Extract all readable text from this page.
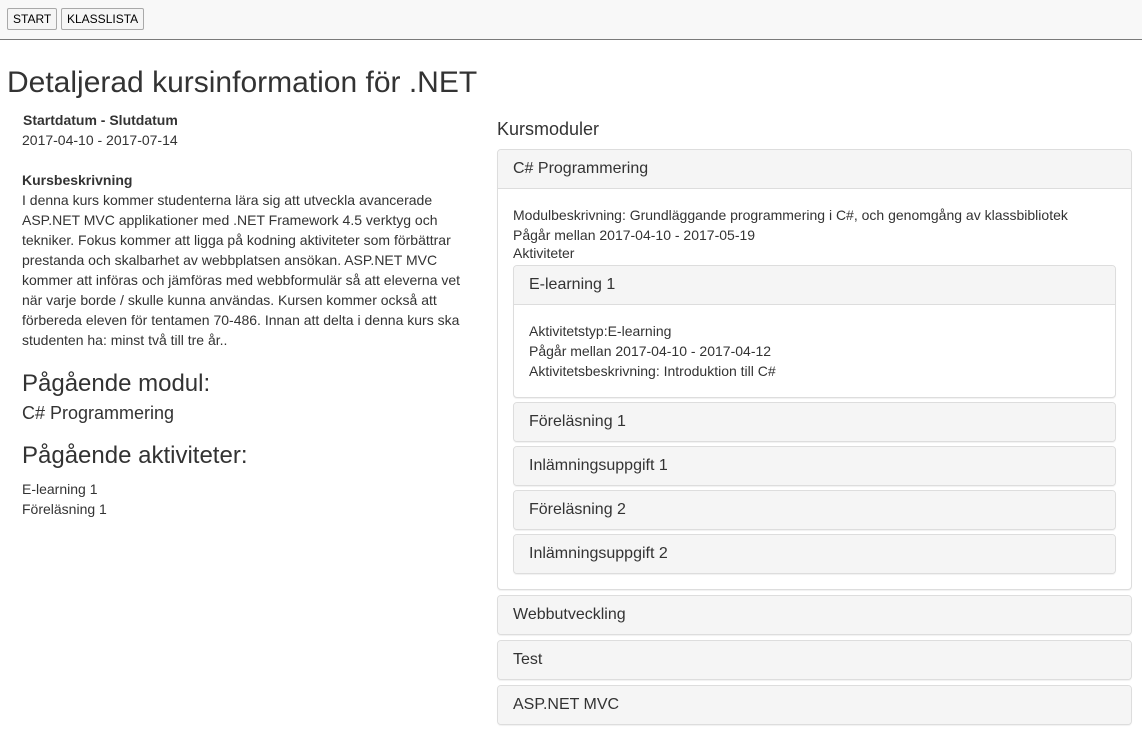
START	KLASSLISTA
Detaljerad kursinformation för .NET
Startdatum - Slutdatum
2017-04-10 - 2017-07-14
Kursbeskrivning
I denna kurs kommer studenterna lära sig att utveckla avancerade ASP.NET MVC applikationer med .NET Framework 4.5 verktyg och tekniker. Fokus kommer att ligga på kodning aktiviteter som förbättrar prestanda och skalbarhet av webbplatsen ansökan. ASP.NET MVC kommer att införas och jämföras med webbformulär så att eleverna vet när varje borde / skulle kunna användas. Kursen kommer också att förbereda eleven för tentamen 70-486. Innan att delta i denna kurs ska studenten ha: minst två till tre år..
Pågående modul:
C# Programmering
Pågående aktiviteter:
E-learning 1
Föreläsning 1
Kursmoduler
C# Programmering
Modulbeskrivning: Grundläggande programmering i C#, och genomgång av klassbibliotek
Pågår mellan 2017-04-10 - 2017-05-19
Aktiviteter
E-learning 1
Aktivitetstyp:E-learning
Pågår mellan 2017-04-10 - 2017-04-12
Aktivitetsbeskrivning: Introduktion till C#
Föreläsning 1
Inlämningsuppgift 1
Föreläsning 2
Inlämningsuppgift 2
Webbutveckling
Test
ASP.NET MVC
